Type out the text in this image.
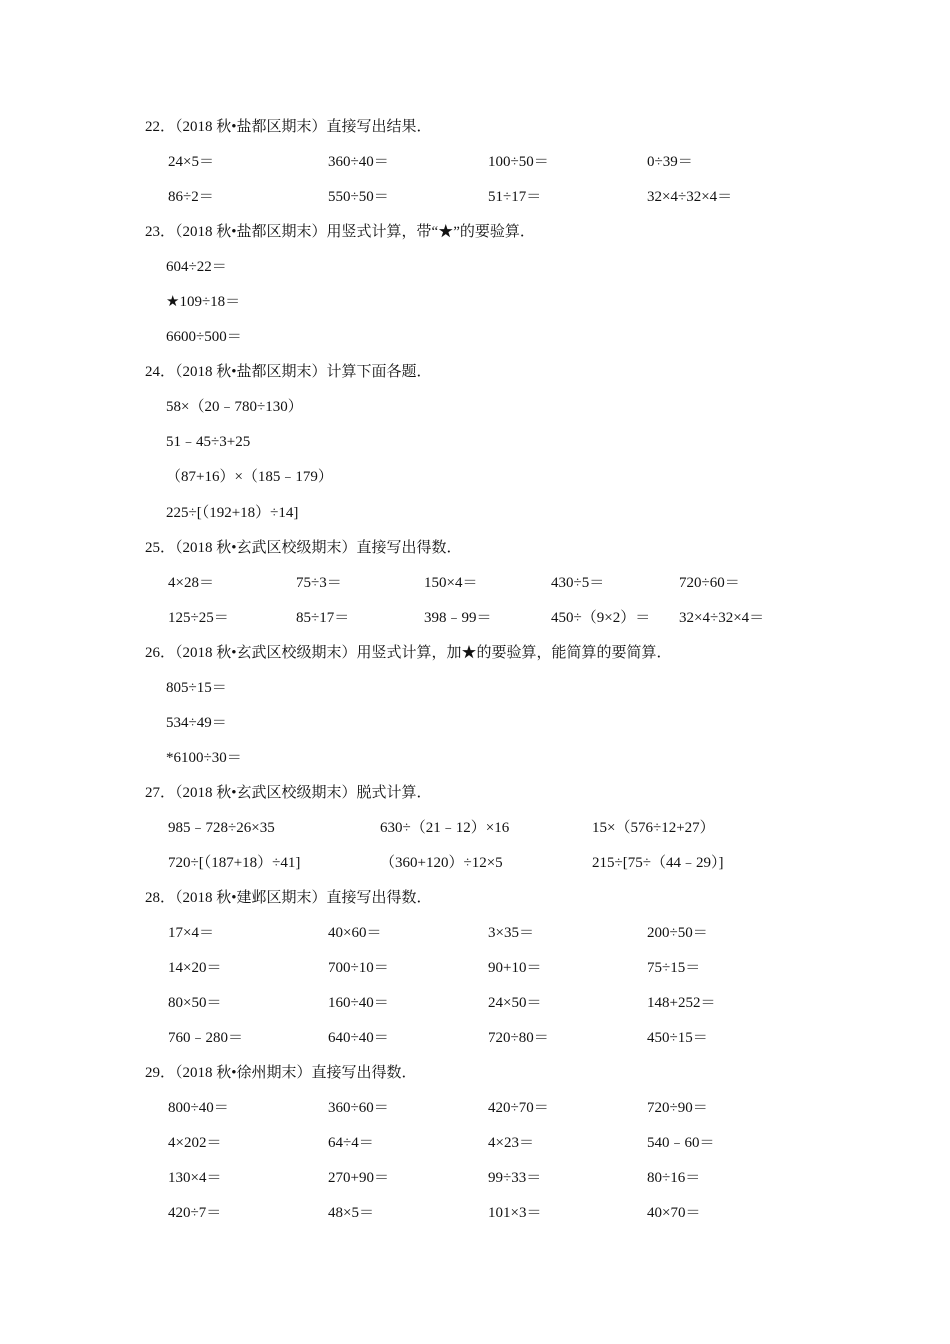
22．（2018 秋•盐都区期末）直接写出结果．
24×5＝	360÷40＝	100÷50＝	0÷39＝
86÷2＝	550÷50＝	51÷17＝	32×4÷32×4＝
23．（2018 秋•盐都区期末）用竖式计算，带“★”的要验算．
604÷22＝
★109÷18＝
6600÷500＝
24．（2018 秋•盐都区期末）计算下面各题．
58×（20﹣780÷130）
51﹣45÷3+25
（87+16）×（185﹣179）
225÷[（192+18）÷14]
25．（2018 秋•玄武区校级期末）直接写出得数．
4×28＝	75÷3＝	150×4＝	430÷5＝	720÷60＝
125÷25＝	85÷17＝	398﹣99＝	450÷（9×2）＝ 32×4÷32×4＝
26．（2018 秋•玄武区校级期末）用竖式计算，加★的要验算，能简算的要简算．
805÷15＝
534÷49＝
*6100÷30＝
27．（2018 秋•玄武区校级期末）脱式计算．
985﹣728÷26×35	630÷（21﹣12）×16	15×（576÷12+27）
720÷[（187+18）÷41]	（360+120）÷12×5	215÷[75÷（44﹣29）]
28．（2018 秋•建邺区期末）直接写出得数．
17×4＝	40×60＝	3×35＝	200÷50＝
14×20＝	700÷10＝	90+10＝	75÷15＝
80×50＝	160÷40＝	24×50＝	148+252＝
760﹣280＝	640÷40＝	720÷80＝	450÷15＝
29．（2018 秋•徐州期末）直接写出得数．
800÷40＝	360÷60＝	420÷70＝	720÷90＝
4×202＝	64÷4＝	4×23＝	540﹣60＝
130×4＝	270+90＝	99÷33＝	80÷16＝
420÷7＝	48×5＝	101×3＝	40×70＝
